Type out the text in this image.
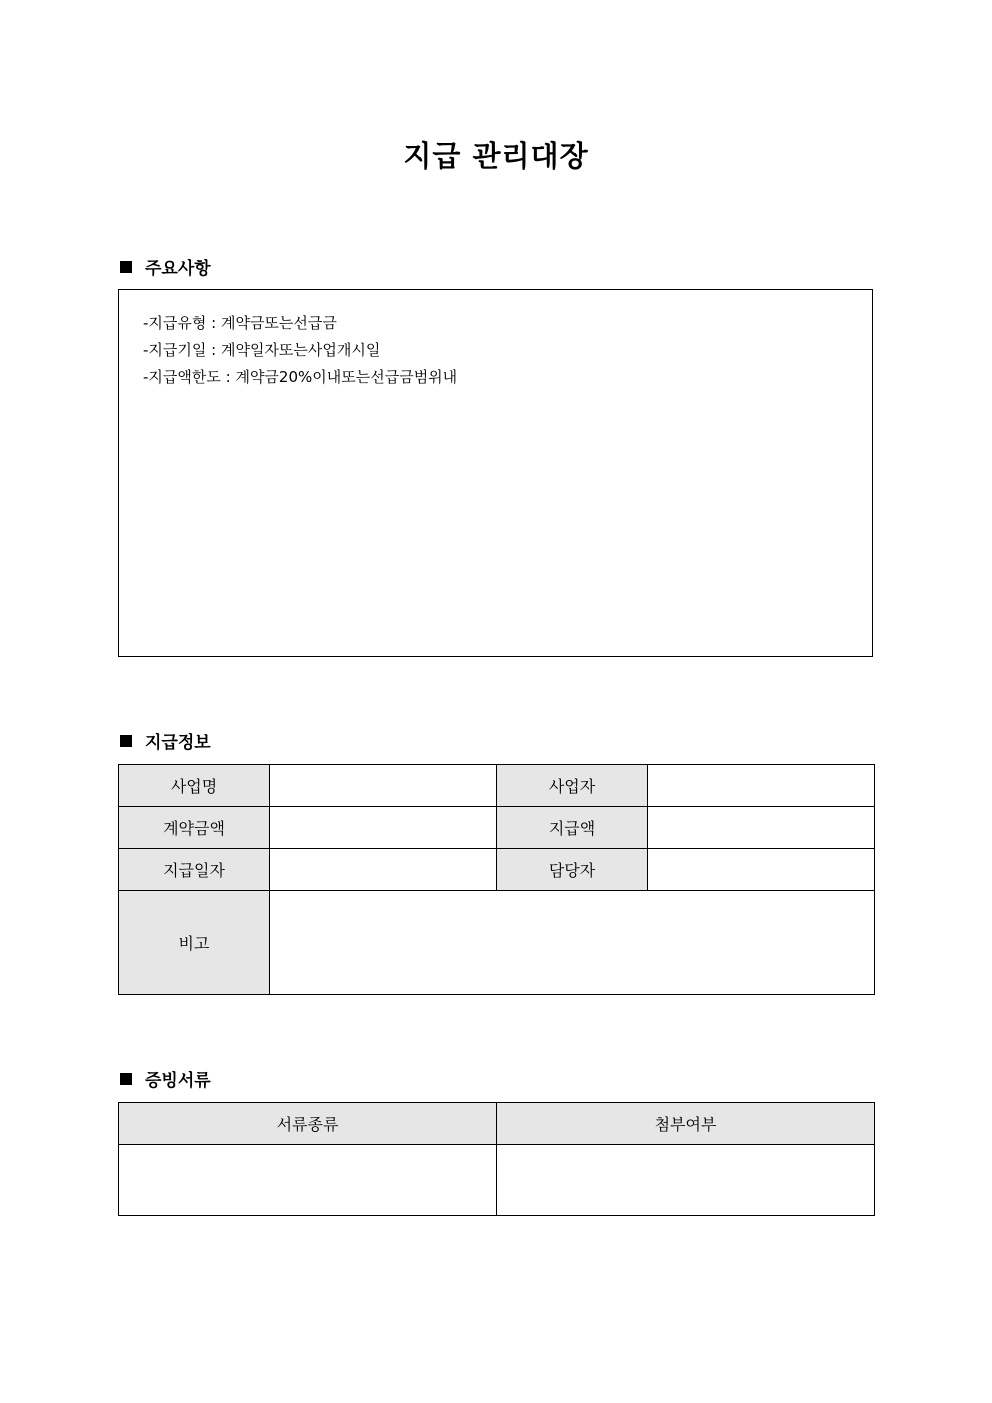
지급 관리대장
주요사항
-지급유형 : 계약금또는선급금
-지급기일 : 계약일자또는사업개시일
-지급액한도 : 계약금20%이내또는선급금범위내
지급정보
사업명		사업자	
계약금액		지급액	
지급일자		담당자	
비고			
증빙서류
서류종류	첨부여부
